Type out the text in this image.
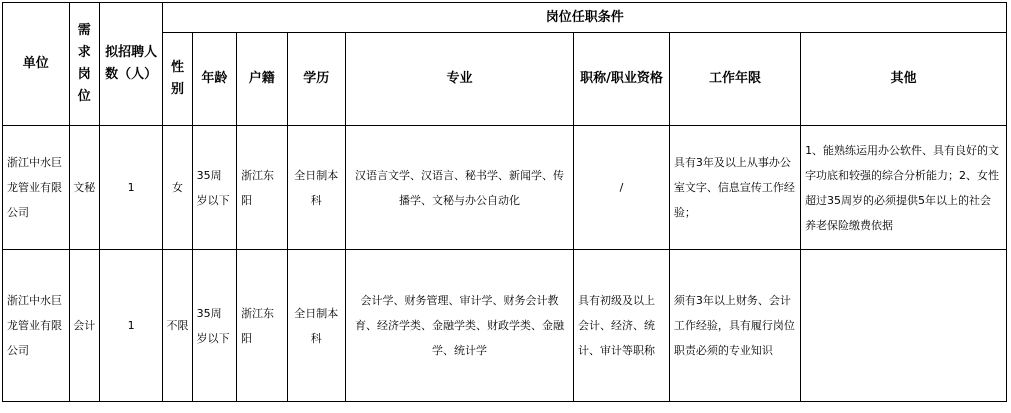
单位	需求岗位	拟招聘人数（人）	岗位任职条件							
			性别	年龄	户籍	学历	专业	职称/职业资格	工作年限	其他
浙江中水巨龙管业有限公司	文秘	1	女	35周岁以下	浙江东阳	全日制本科	汉语言文学、汉语言、秘书学、新闻学、传播学、文秘与办公自动化	/	具有3年及以上从事办公室文字、信息宣传工作经验；	1、能熟练运用办公软件、具有良好的文字功底和较强的综合分析能力；2、女性超过35周岁的必须提供5年以上的社会养老保险缴费依据
浙江中水巨龙管业有限公司	会计	1	不限	35周岁以下	浙江东阳	全日制本科	会计学、财务管理、审计学、财务会计教育、经济学类、金融学类、财政学类、金融学、统计学	具有初级及以上会计、经济、统计、审计等职称	须有3年以上财务、会计工作经验，具有履行岗位职责必须的专业知识	
